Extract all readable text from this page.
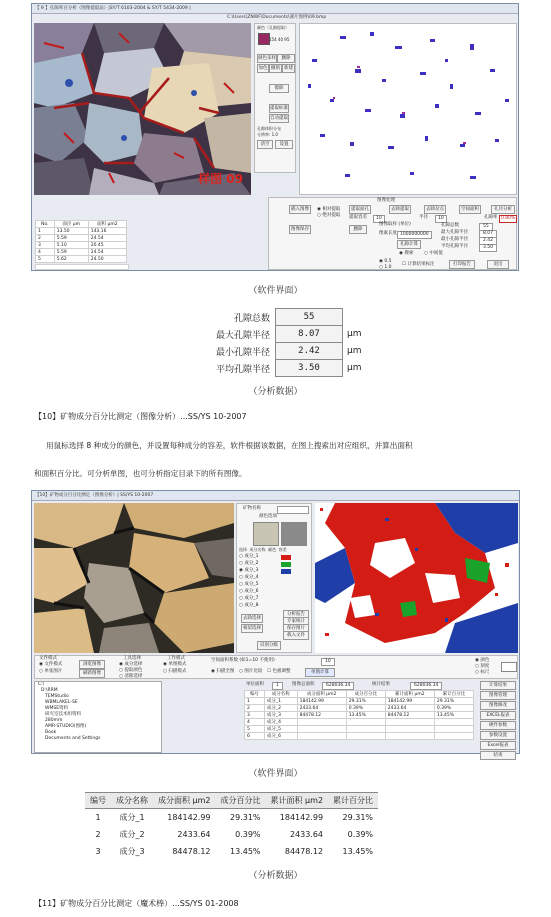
【 9 】孔隙率百分析（图像提取法）|SY/T 6103-2004 & SY/T 5434-2009 |
C:\Users\ZNWF\Documents\薄片图例\09.bmp
样图 09
颜色（孔隙提取）
154 40 95
颜色采样	删除
加色 撤销 新建
擦除
提取标准
自动提取
孔隙体积分布
分辨率: 1.0
清空	设置
No.	面径 μm	面积 μm2
1	13.50	143.16
2	5.59	24.54
3	5.10	20.45
4	5.59	24.54
5	5.62	24.50
图像处理
插入图像	提取面孔	去除提取	去除杂点	空间面积	孔径分析
◉ 相对提取
○ 绝对提取 提取容差	10	半径	10	孔隙率 0.80%
图像保存	删除
图像取样 (单位)
像素长度 1000000000
孔隙计算
孔隙总数	55
最大孔隙半径	8.07
最小孔隙半径	2.42
平均孔隙半径	3.50
◉ 搜索 ○ 中间值
◉ 0.5
○ 1.0
☐ 计算结果标注	打印报告	退出
（软件界面）
孔隙总数	55	
最大孔隙半径	8.07	μm
最小孔隙半径	2.42	μm
平均孔隙半径	3.50	μm
（分析数据）
【10】矿物成分百分比测定（图像分析）...SS/YS 10-2007
用鼠标选择 8 种成分的颜色，并设置每种成分的容差，软件根据该数据，在图上搜索出对应组织，并算出面积
和面积百分比。可分析单图，也可分析指定目录下的所有图像。
【10】矿物成分百分比测定（图像分析）| SS/YS 10-2007
矿物名称
颜色选项
选择 成分名称 颜色 容差
○ 成分_1
○ 成分_2
◉ 成分_3
○ 成分_4
○ 成分_5
○ 成分_6
○ 成分_7
○ 成分_8
去除选择
相似选择
分析报告
专家统计
保存图片
载入文件
识别分级
文件模式
◉ 文件模式
○ 单张图片
浏览图像
刷新图像
工具选择
◉ 成分选择
○ 提取颜色
○ 清除选择
工作模式
◉ 单图模式
○ 扫描模式
空间面积系数 (如1=10 不使用)	10
单图计算
◉ 扫描全图 ○ 图片比较 ☐ 色板调整
◉ 颜色
○ 刻度
○ 标尺
C:\
D:\RRM
TEMStudio
WBMLAKEL-SE
WMSE资料
研究室技术组资料
280mm
AMR-STUDIO(图像)
Book
Documents and Settings
单位面积	1	图像总面积	628036.34	统计结果	628036.34
编号	成分名称	成分面积 μm2	成分百分比	累计面积 μm2	累计百分比
1	成分_1	184142.99	29.31%	184142.99	29.31%
2	成分_2	2433.64	0.39%	2433.64	0.39%
3	成分_3	84478.12	13.45%	84478.12	13.45%
4	成分_4				
5	成分_5				
6	成分_6				
计算结果
图像管理
图像修改
EXCEL报表
硬件参数
参数设置
Excel报表
结束
（软件界面）
编号	成分名称	成分面积 μm2	成分百分比	累计面积 μm2	累计百分比
1	成分_1	184142.99	29.31%	184142.99	29.31%
2	成分_2	2433.64	0.39%	2433.64	0.39%
3	成分_3	84478.12	13.45%	84478.12	13.45%
（分析数据）
【11】矿物成分百分比测定（魔术棒）...SS/YS 01-2008
